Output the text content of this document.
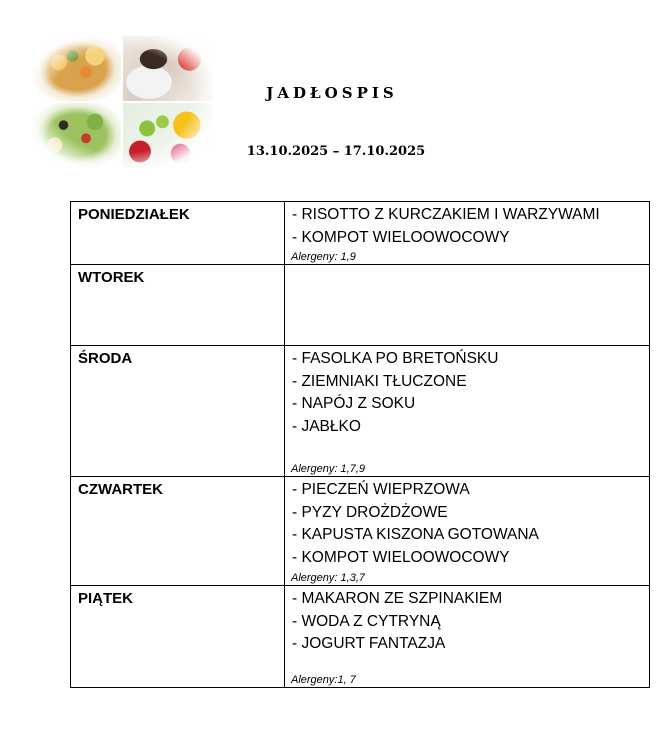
JADŁOSPIS
13.10.2025 – 17.10.2025
PONIEDZIAŁEK	- RISOTTO Z KURCZAKIEM I WARZYWAMI
- KOMPOT WIELOOWOCOWY
Alergeny: 1,9

WTOREK	
ŚRODA	- FASOLKA PO BRETOŃSKU
- ZIEMNIAKI TŁUCZONE
- NAPÓJ Z SOKU
- JABŁKO
Alergeny: 1,7,9

CZWARTEK	- PIECZEŃ WIEPRZOWA
- PYZY DROŻDŻOWE
- KAPUSTA KISZONA GOTOWANA
- KOMPOT WIELOOWOCOWY
Alergeny: 1,3,7

PIĄTEK	- MAKARON ZE SZPINAKIEM
- WODA Z CYTRYNĄ
- JOGURT FANTAZJA
Alergeny:1, 7
